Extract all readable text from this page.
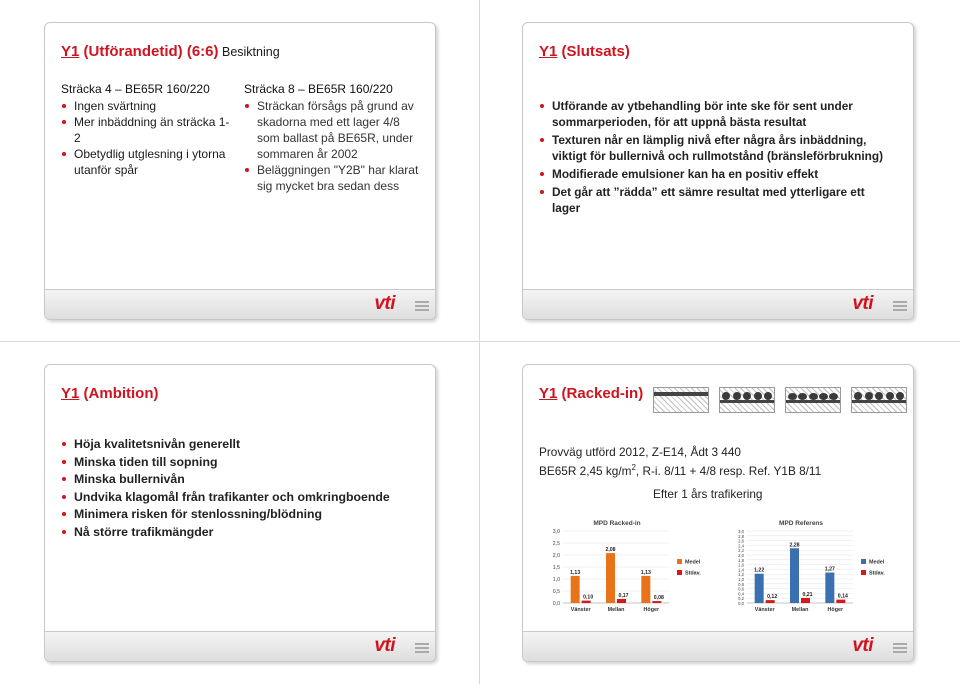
Y1 (Utförandetid) (6:6) Besiktning
Sträcka 4 – BE65R 160/220
Ingen svärtning
Mer inbäddning än sträcka 1-2
Obetydlig utglesning i ytorna utanför spår
Sträcka 8 – BE65R 160/220
Sträckan försågs på grund av skadorna med ett lager 4/8 som ballast på BE65R, under sommaren år 2002
Beläggningen "Y2B" har klarat sig mycket bra sedan dess
vti
Y1 (Slutsats)
Utförande av ytbehandling bör inte ske för sent under sommarperioden, för att uppnå bästa resultat
Texturen når en lämplig nivå efter några års inbäddning, viktigt för bullernivå och rullmotstånd (bränsleförbrukning)
Modifierade emulsioner kan ha en positiv effekt
Det går att ”rädda” ett sämre resultat med ytterligare ett lager
vti
Y1 (Ambition)
Höja kvalitetsnivån generellt
Minska tiden till sopning
Minska bullernivån
Undvika klagomål från trafikanter och omkringboende
Minimera risken för stenlossning/blödning
Nå större trafikmängder
vti
Y1 (Racked-in)
Provväg utförd 2012, Z-E14, Ådt 3 440
BE65R 2,45 $kg/m^2$, R-i. 8/11 + 4/8 resp. Ref. Y1B 8/11
Efter 1 års trafikering
MPD Racked-in
0,0
0,5
1,0
1,5
2,0
2,5
3,0
1,13
0,10
Vänster
2,08
0,17
Mellan
1,13
0,08
Höger
Medel
Stdav.
MPD Referens
0,0
0,2
0,4
0,6
0,8
1,0
1,2
1,4
1,6
1,8
2,0
2,2
2,4
2,6
2,8
3,0
1,22
0,12
Vänster
2,28
0,21
Mellan
1,27
0,14
Höger
Medel
Stdav.
vti
